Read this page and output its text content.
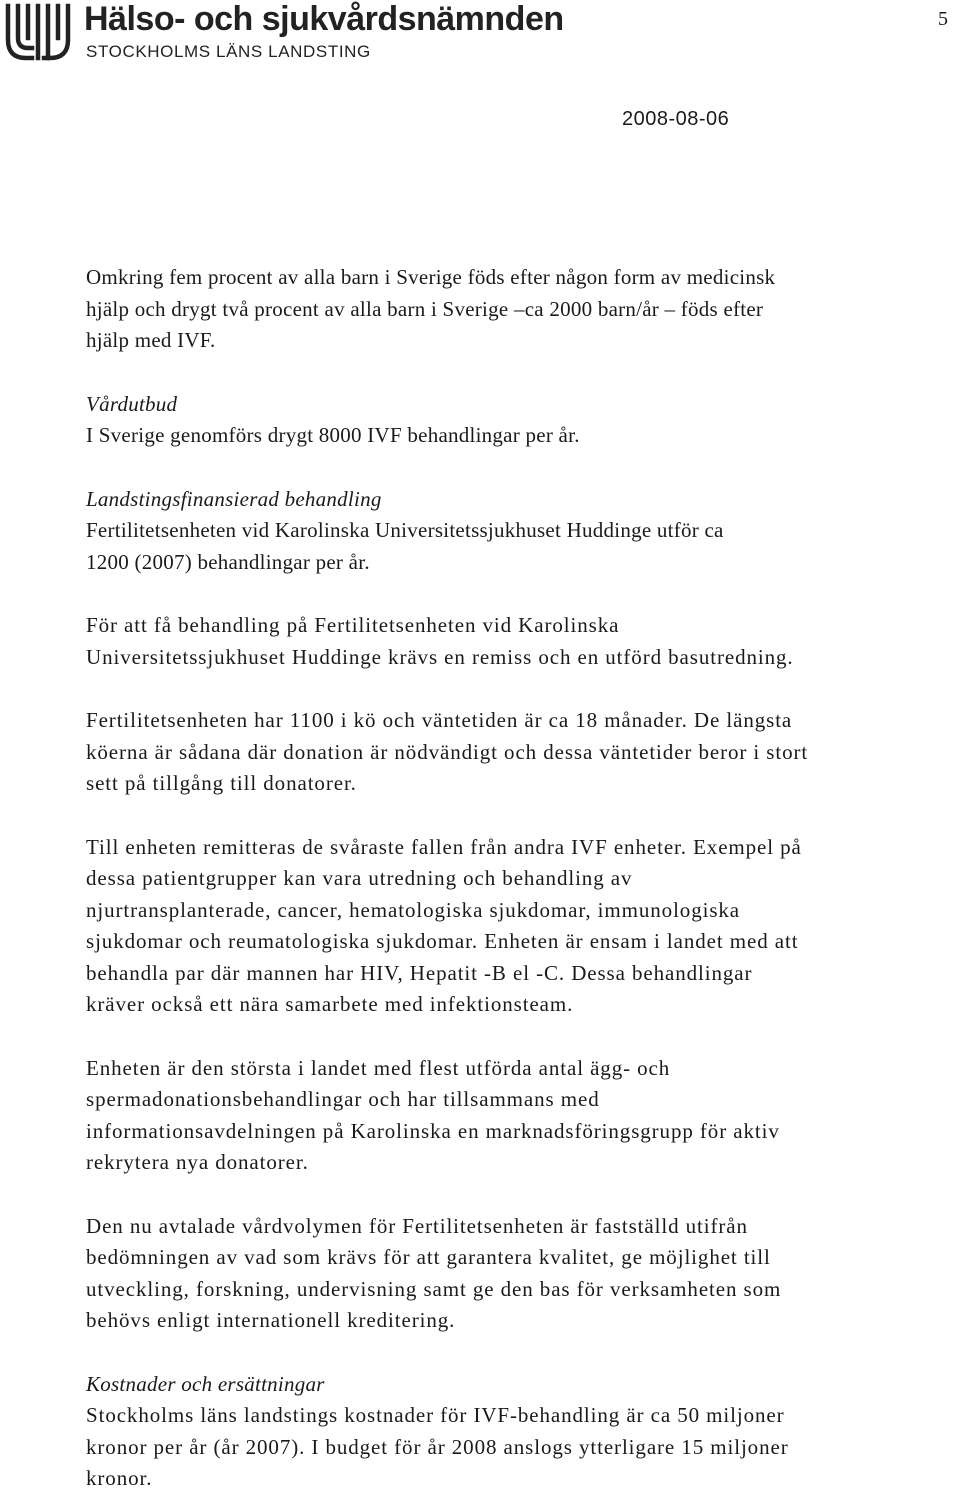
Hälso- och sjukvårdsnämnden
STOCKHOLMS LÄNS LANDSTING
5
2008-08-06

Omkring fem procent av alla barn i Sverige föds efter någon form av medicinsk
hjälp och drygt två procent av alla barn i Sverige –ca 2000 barn/år – föds efter
hjälp med IVF.

Vårdutbud

I Sverige genomförs drygt 8000 IVF behandlingar per år.

Landstingsfinansierad behandling

Fertilitetsenheten vid Karolinska Universitetssjukhuset Huddinge utför ca
1200 (2007) behandlingar per år.

För att få behandling på Fertilitetsenheten vid Karolinska
Universitetssjukhuset Huddinge krävs en remiss och en utförd basutredning.

Fertilitetsenheten har 1100 i kö och väntetiden är ca 18 månader. De längsta
köerna är sådana där donation är nödvändigt och dessa väntetider beror i stort
sett på tillgång till donatorer.

Till enheten remitteras de svåraste fallen från andra IVF enheter. Exempel på
dessa patientgrupper kan vara utredning och behandling av
njurtransplanterade, cancer, hematologiska sjukdomar, immunologiska
sjukdomar och reumatologiska sjukdomar. Enheten är ensam i landet med att
behandla par där mannen har HIV, Hepatit -B el -C. Dessa behandlingar
kräver också ett nära samarbete med infektionsteam.

Enheten är den största i landet med flest utförda antal ägg- och
spermadonationsbehandlingar och har tillsammans med
informationsavdelningen på Karolinska en marknadsföringsgrupp för aktiv
rekrytera nya donatorer.

Den nu avtalade vårdvolymen för Fertilitetsenheten är fastställd utifrån
bedömningen av vad som krävs för att garantera kvalitet, ge möjlighet till
utveckling, forskning, undervisning samt ge den bas för verksamheten som
behövs enligt internationell kreditering.

Kostnader och ersättningar

Stockholms läns landstings kostnader för IVF-behandling är ca 50 miljoner
kronor per år (år 2007). I budget för år 2008 anslogs ytterligare 15 miljoner
kronor.
